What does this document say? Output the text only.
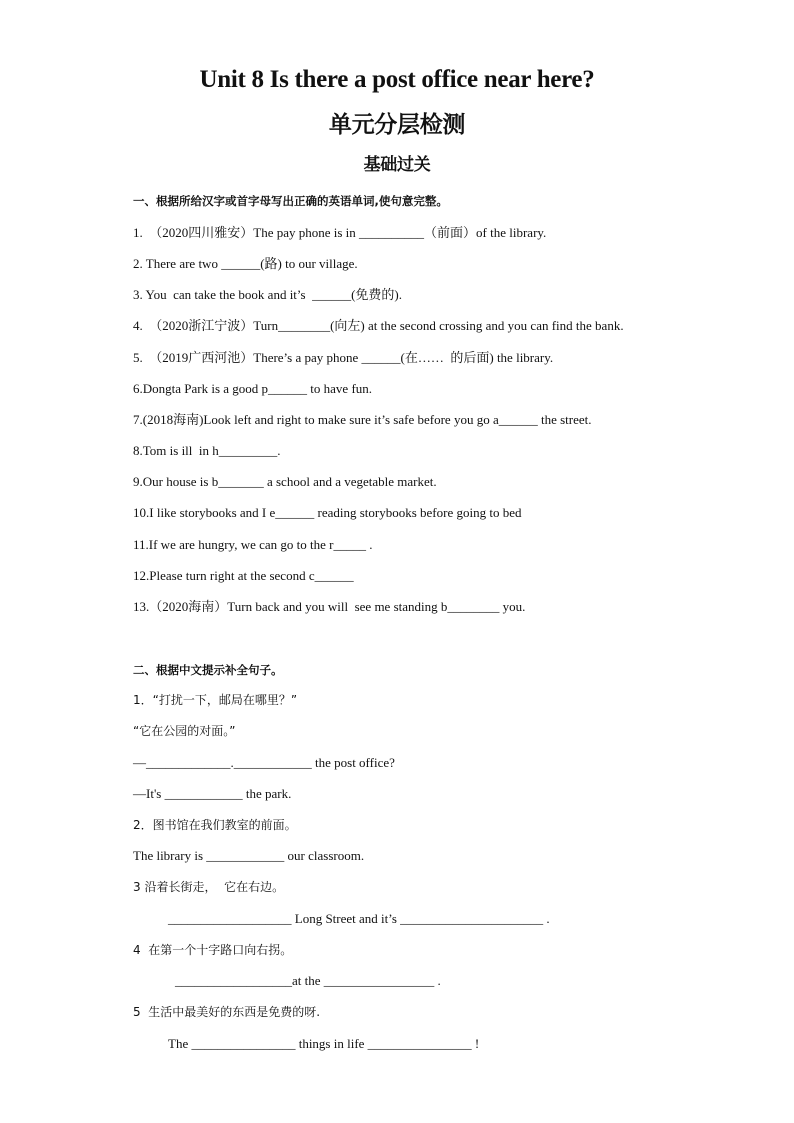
Unit 8 Is there a post office near here?
单元分层检测
基础过关
一、根据所给汉字或首字母写出正确的英语单词,使句意完整。
1.  （2020四川雅安）The pay phone is in __________（前面）of the library.
2. There are two ______(路) to our village.
3. You  can take the book and it’s  ______(免费的).
4.  （2020浙江宁波）Turn________(向左) at the second crossing and you can find the bank.
5.  （2019广西河池）There’s a pay phone ______(在……  的后面) the library.
6.Dongta Park is a good p______ to have fun.
7.(2018海南)Look left and right to make sure it’s safe before you go a______ the street.
8.Tom is ill  in h_________.
9.Our house is b_______ a school and a vegetable market.
10.I like storybooks and I e______ reading storybooks before going to bed
11.If we are hungry, we can go to the r_____ .
12.Please turn right at the second c______
13.（2020海南）Turn back and you will  see me standing b________ you.
二、根据中文提示补全句子。
1．“打扰一下，邮局在哪里？”
“它在公园的对面。”
—_____________.____________ the post office?
—It's ____________ the park.
2．图书馆在我们教室的前面。
The library is ____________ our classroom.
3 沿着长街走，  它在右边。
___________________ Long Street and it’s ______________________ .
4  在第一个十字路口向右拐。
__________________at the _________________ .
5  生活中最美好的东西是免费的呀.
The ________________ things in life ________________ !
